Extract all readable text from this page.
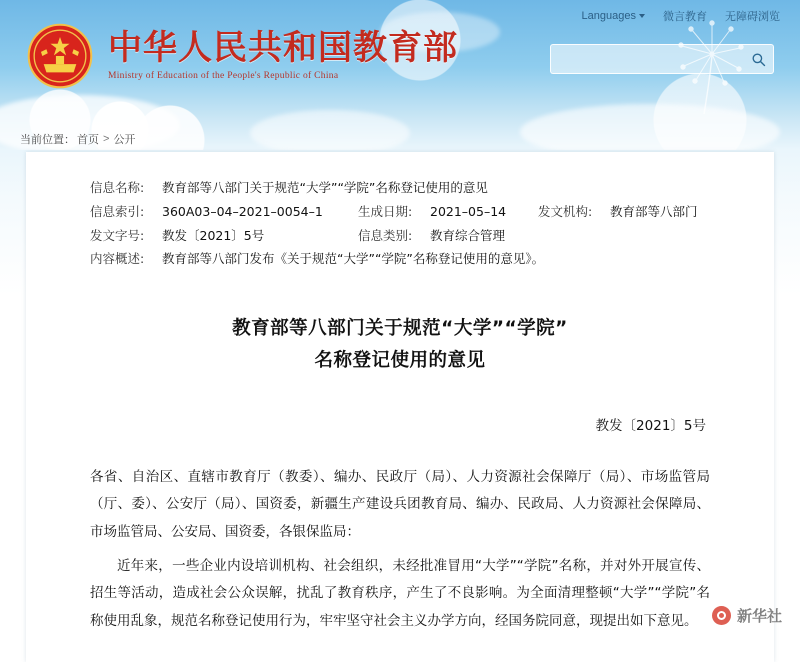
Languages 微言教育 无障碍浏览
中华人民共和国教育部
Ministry of Education of the People's Republic of China
当前位置： 首页 > 公开
信息名称:	教育部等八部门关于规范“大学”“学院”名称登记使用的意见
信息索引:	360A03–04–2021–0054–1	生成日期:	2021–05–14	发文机构:	教育部等八部门
发文字号:	教发〔2021〕5号	信息类别:	教育综合管理
内容概述:	教育部等八部门发布《关于规范“大学”“学院”名称登记使用的意见》。
教育部等八部门关于规范“大学”“学院”
名称登记使用的意见
教发〔2021〕5号

各省、自治区、直辖市教育厅（教委）、编办、民政厅（局）、人力资源社会保障厅（局）、市场监管局（厅、委）、公安厅（局）、国资委，新疆生产建设兵团教育局、编办、民政局、人力资源社会保障局、市场监管局、公安局、国资委，各银保监局：

近年来，一些企业内设培训机构、社会组织，未经批准冒用“大学”“学院”名称，并对外开展宣传、招生等活动，造成社会公众误解，扰乱了教育秩序，产生了不良影响。为全面清理整顿“大学”“学院”名称使用乱象，规范名称登记使用行为，牢牢坚守社会主义办学方向，经国务院同意，现提出如下意见。	新华社
